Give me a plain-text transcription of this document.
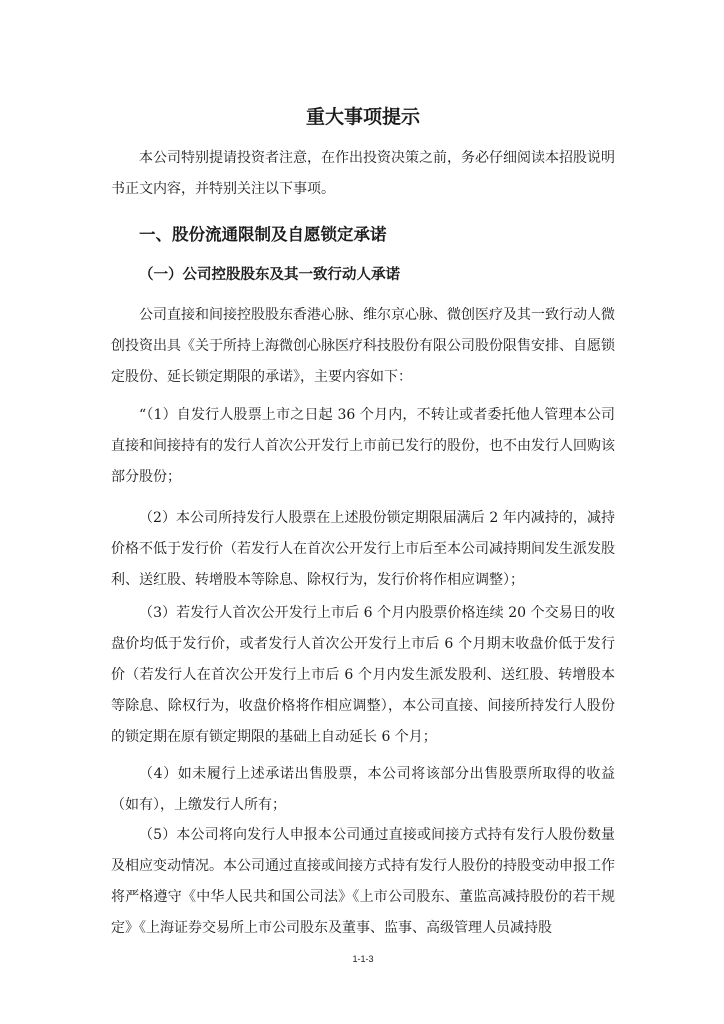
重大事项提示
本公司特别提请投资者注意，在作出投资决策之前，务必仔细阅读本招股说明书正文内容，并特别关注以下事项。
一、股份流通限制及自愿锁定承诺
（一）公司控股股东及其一致行动人承诺
公司直接和间接控股股东香港心脉、维尔京心脉、微创医疗及其一致行动人微创投资出具《关于所持上海微创心脉医疗科技股份有限公司股份限售安排、自愿锁定股份、延长锁定期限的承诺》，主要内容如下：
“（1）自发行人股票上市之日起 36 个月内，不转让或者委托他人管理本公司直接和间接持有的发行人首次公开发行上市前已发行的股份，也不由发行人回购该部分股份；
（2）本公司所持发行人股票在上述股份锁定期限届满后 2 年内减持的，减持价格不低于发行价（若发行人在首次公开发行上市后至本公司减持期间发生派发股利、送红股、转增股本等除息、除权行为，发行价将作相应调整）；
（3）若发行人首次公开发行上市后 6 个月内股票价格连续 20 个交易日的收盘价均低于发行价，或者发行人首次公开发行上市后 6 个月期末收盘价低于发行价（若发行人在首次公开发行上市后 6 个月内发生派发股利、送红股、转增股本等除息、除权行为，收盘价格将作相应调整），本公司直接、间接所持发行人股份的锁定期在原有锁定期限的基础上自动延长 6 个月；
（4）如未履行上述承诺出售股票，本公司将该部分出售股票所取得的收益（如有），上缴发行人所有；
（5）本公司将向发行人申报本公司通过直接或间接方式持有发行人股份数量及相应变动情况。本公司通过直接或间接方式持有发行人股份的持股变动申报工作将严格遵守《中华人民共和国公司法》《上市公司股东、董监高减持股份的若干规定》《上海证券交易所上市公司股东及董事、监事、高级管理人员减持股
1-1-3
